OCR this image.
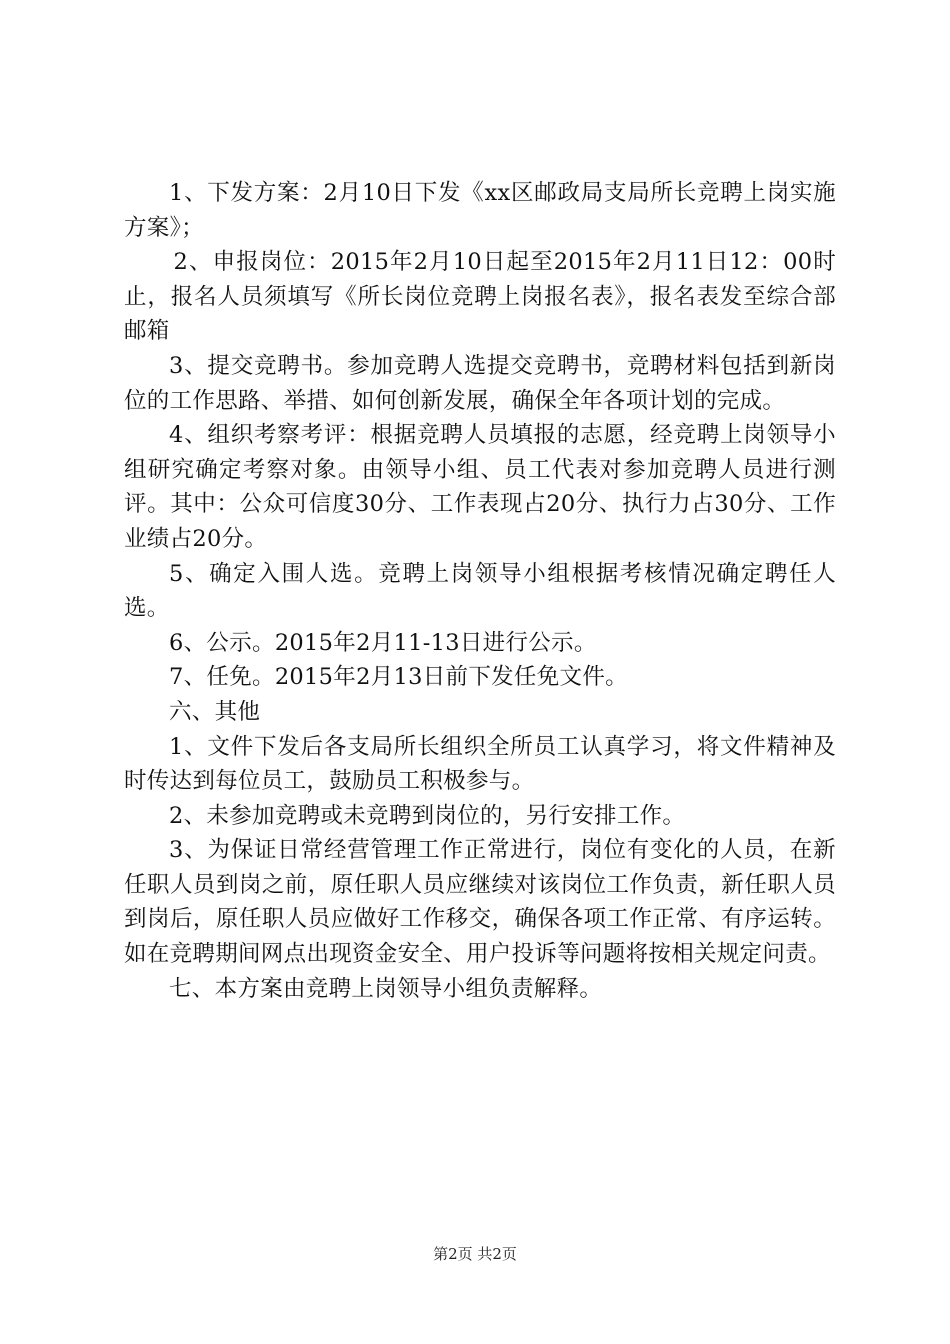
1、下发方案：2月10日下发《xx区邮政局支局所长竞聘上岗实施方案》；

2、申报岗位：2015年2月10日起至2015年2月11日12：00时止，报名人员须填写《所长岗位竞聘上岗报名表》，报名表发至综合部邮箱

3、提交竞聘书。参加竞聘人选提交竞聘书，竞聘材料包括到新岗位的工作思路、举措、如何创新发展，确保全年各项计划的完成。

4、组织考察考评：根据竞聘人员填报的志愿，经竞聘上岗领导小组研究确定考察对象。由领导小组、员工代表对参加竞聘人员进行测评。其中：公众可信度30分、工作表现占20分、执行力占30分、工作业绩占20分。

5、确定入围人选。竞聘上岗领导小组根据考核情况确定聘任人选。

6、公示。2015年2月11-13日进行公示。

7、任免。2015年2月13日前下发任免文件。

六、其他

1、文件下发后各支局所长组织全所员工认真学习，将文件精神及时传达到每位员工，鼓励员工积极参与。

2、未参加竞聘或未竞聘到岗位的，另行安排工作。

3、为保证日常经营管理工作正常进行，岗位有变化的人员，在新任职人员到岗之前，原任职人员应继续对该岗位工作负责，新任职人员到岗后，原任职人员应做好工作移交，确保各项工作正常、有序运转。如在竞聘期间网点出现资金安全、用户投诉等问题将按相关规定问责。

七、本方案由竞聘上岗领导小组负责解释。

第2页 共2页
